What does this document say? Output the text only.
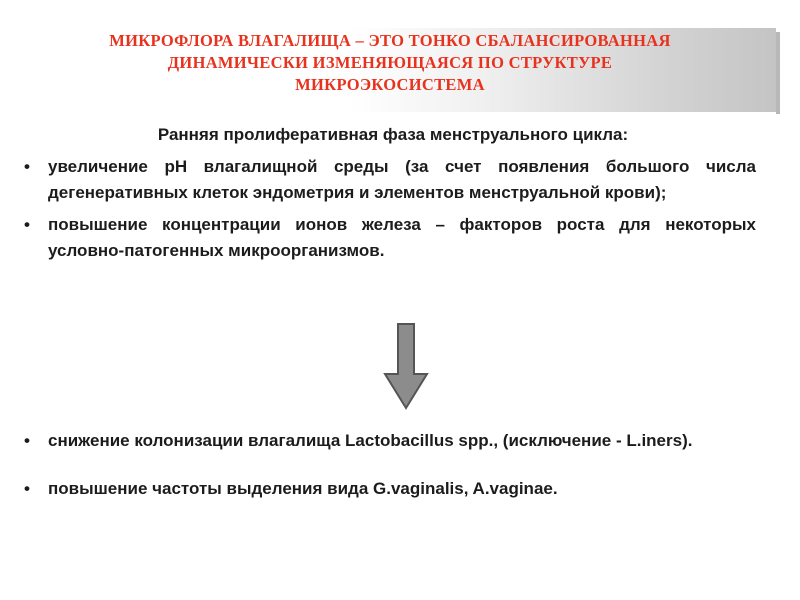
МИКРОФЛОРА ВЛАГАЛИЩА – ЭТО ТОНКО СБАЛАНСИРОВАННАЯ
ДИНАМИЧЕСКИ ИЗМЕНЯЮЩАЯСЯ ПО СТРУКТУРЕ
МИКРОЭКОСИСТЕМА

Ранняя пролиферативная фаза менструального цикла:

• увеличение рН влагалищной среды (за счет появления большого числа дегенеративных клеток эндометрия и элементов менструальной крови);

• повышение концентрации ионов железа – факторов роста для некоторых условно-патогенных микроорганизмов.

• снижение колонизации влагалища Lactobacillus spp., (исключение - L.iners).

• повышение частоты выделения вида G.vaginalis, A.vaginae.
